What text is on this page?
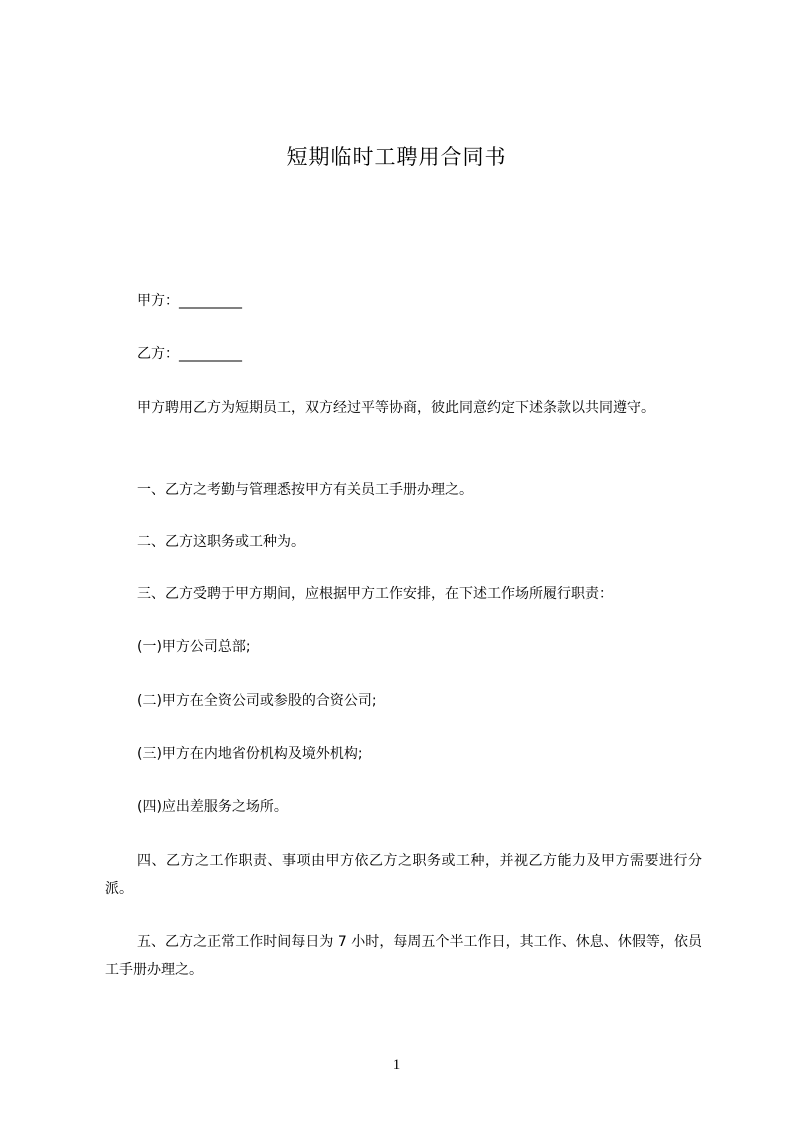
短期临时工聘用合同书
甲方：_________
乙方：_________
甲方聘用乙方为短期员工，双方经过平等协商，彼此同意约定下述条款以共同遵守。
一、乙方之考勤与管理悉按甲方有关员工手册办理之。
二、乙方这职务或工种为。
三、乙方受聘于甲方期间，应根据甲方工作安排，在下述工作场所履行职责：
(一)甲方公司总部;
(二)甲方在全资公司或参股的合资公司;
(三)甲方在内地省份机构及境外机构;
(四)应出差服务之场所。
四、乙方之工作职责、事项由甲方依乙方之职务或工种，并视乙方能力及甲方需要进行分派。
五、乙方之正常工作时间每日为 7 小时，每周五个半工作日，其工作、休息、休假等，依员工手册办理之。
1
